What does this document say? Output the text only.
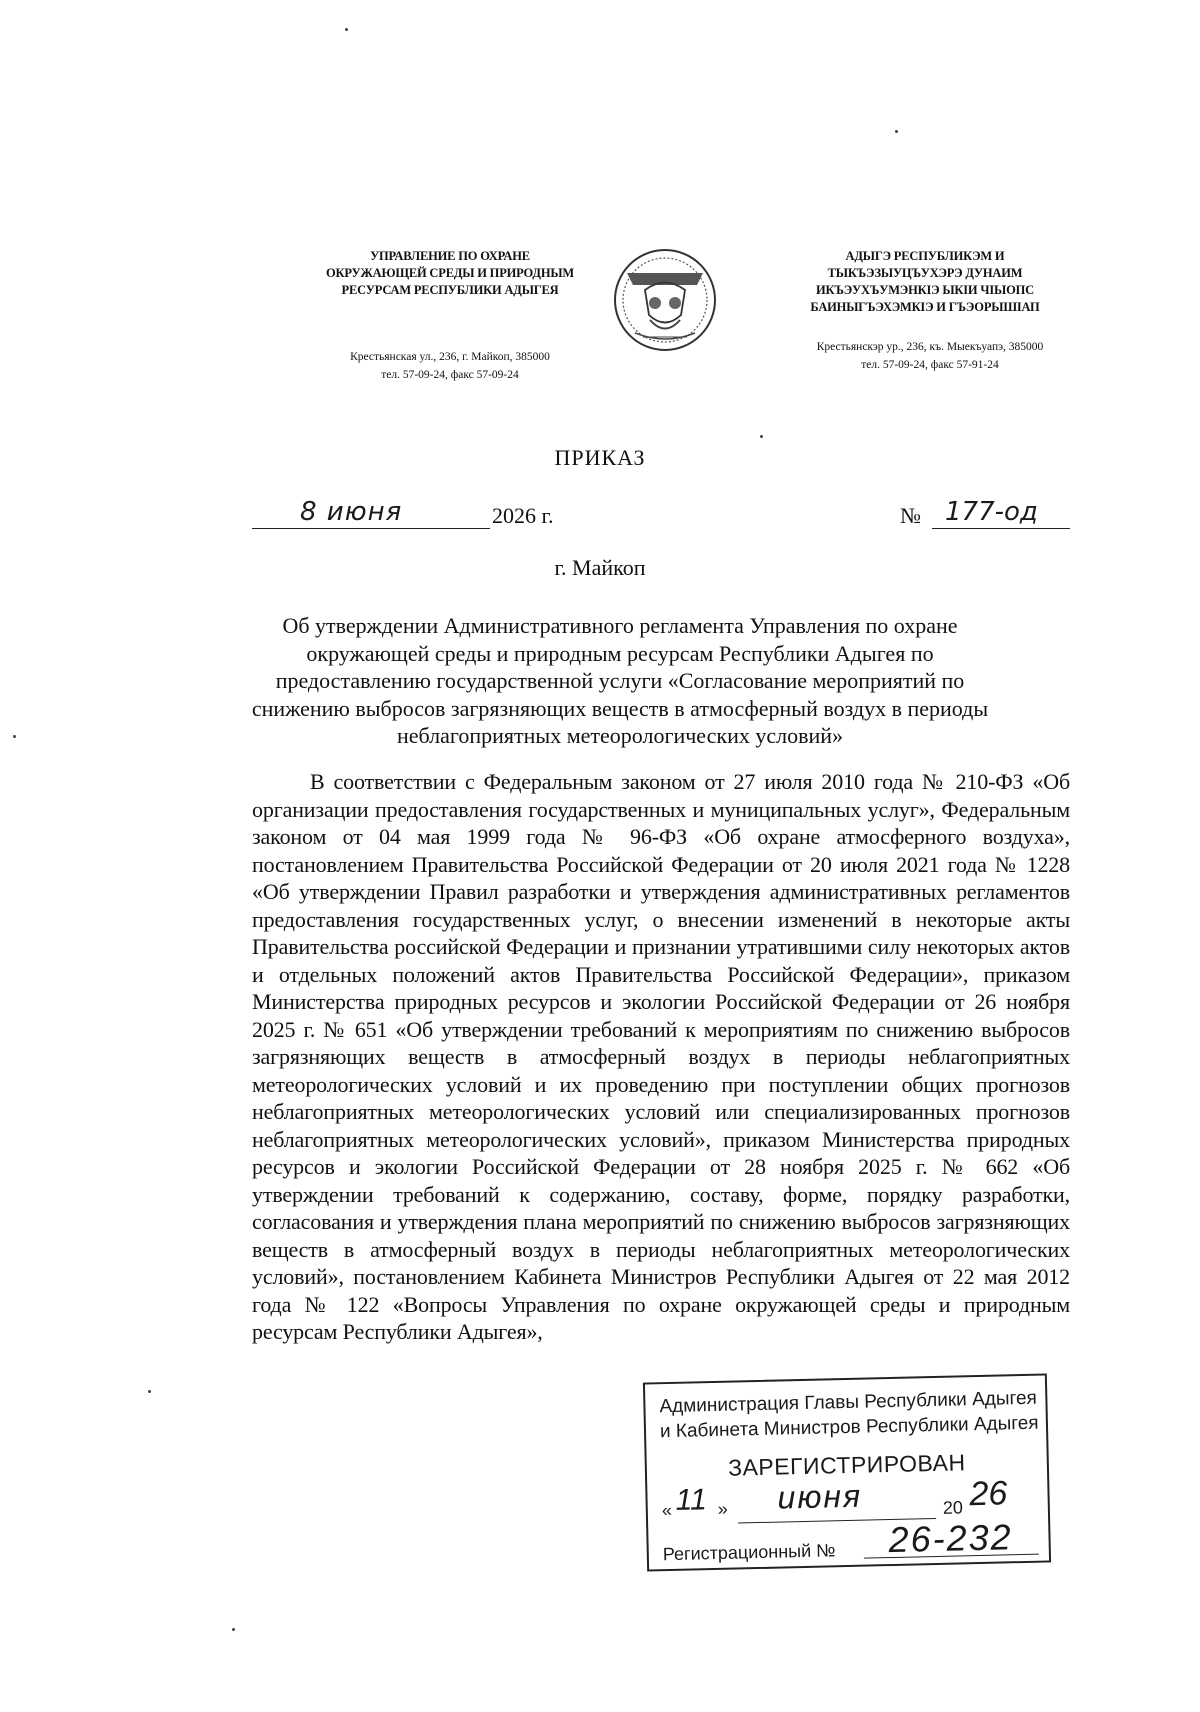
УПРАВЛЕНИЕ ПО ОХРАНЕ
ОКРУЖАЮЩЕЙ СРЕДЫ И ПРИРОДНЫМ
РЕСУРСАМ РЕСПУБЛИКИ АДЫГЕЯ
Крестьянская ул., 236, г. Майкоп, 385000
тел. 57-09-24, факс 57-09-24
АДЫГЭ РЕСПУБЛИКЭМ И
ТЫКЪЭЗЫУЦЪУХЭРЭ ДУНАИМ
ИКЪЭУХЪУМЭНКIЭ ЫКIИ ЧIЫОПС
БАИНЫГЪЭХЭМКIЭ И ГЪЭОРЫШIАП
Крестьянскэр ур., 236, къ. Мыекъуапэ, 385000
тел. 57-09-24, факс 57-91-24
ПРИКАЗ
8 июня	2026 г.	№ 177-од
г. Майкоп
Об утверждении Административного регламента Управления по охране окружающей среды и природным ресурсам Республики Адыгея по предоставлению государственной услуги «Согласование мероприятий по снижению выбросов загрязняющих веществ в атмосферный воздух в периоды неблагоприятных метеорологических условий»
В соответствии с Федеральным законом от 27 июля 2010 года № 210-ФЗ «Об организации предоставления государственных и муниципальных услуг», Федеральным законом от 04 мая 1999 года № 96-ФЗ «Об охране атмосферного воздуха», постановлением Правительства Российской Федерации от 20 июля 2021 года № 1228 «Об утверждении Правил разработки и утверждения административных регламентов предоставления государственных услуг, о внесении изменений в некоторые акты Правительства российской Федерации и признании утратившими силу некоторых актов и отдельных положений актов Правительства Российской Федерации», приказом Министерства природных ресурсов и экологии Российской Федерации от 26 ноября 2025 г. № 651 «Об утверждении требований к мероприятиям по снижению выбросов загрязняющих веществ в атмосферный воздух в периоды неблагоприятных метеорологических условий и их проведению при поступлении общих прогнозов неблагоприятных метеорологических условий или специализированных прогнозов неблагоприятных метеорологических условий», приказом Министерства природных ресурсов и экологии Российской Федерации от 28 ноября 2025 г. № 662 «Об утверждении требований к содержанию, составу, форме, порядку разработки, согласования и утверждения плана мероприятий по снижению выбросов загрязняющих веществ в атмосферный воздух в периоды неблагоприятных метеорологических условий», постановлением Кабинета Министров Республики Адыгея от 22 мая 2012 года № 122 «Вопросы Управления по охране окружающей среды и природным ресурсам Республики Адыгея»,
Администрация Главы Республики Адыгея
и Кабинета Министров Республики Адыгея
ЗАРЕГИСТРИРОВАН
« 11 » июня	20 26
Регистрационный № 26-232
